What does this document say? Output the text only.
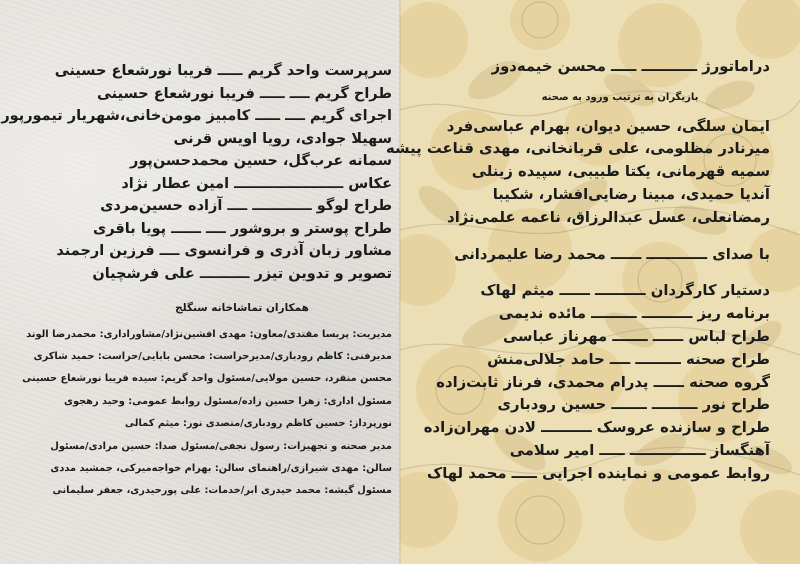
سرپرست واحد گریم ـــــ فریبا نورشعاع حسینی
طراح گریم ــــ ـــــ فریبا نورشعاع حسینی
اجرای گریم ــــ ـــــ کامبیز مومن‌خانی،شهریار تیمورپور
سهیلا جوادی، رویا اویس قرنی
سمانه عرب‌گل، حسین محمدحسن‌پور
عکاس ــــــــــــــــــــــ امین عطار نژاد
طراح لوگو ــــــــــــ ــــ آزاده حسین‌مردی
طراح پوستر و بروشور ــــ ــــــ پویا باقری
مشاور زبان آذری و فرانسوی ــــ فرزین ارجمند
تصویر و تدوین تیزر ــــــــــ علی فرشچیان
همکاران تماشاخانه سنگلج
مدیریت: پریسا مقتدی/معاون: مهدی افشین‌نژاد/مشاوراداری: محمدرضا الوند
مدیرفنی: کاظم رودباری/مدیرحراست: محسن بابایی/حراست: حمید شاکری
محسن منفرد، حسین مولایی/مسئول واحد گریم: سیده فریبا نورشعاع حسینی
مسئول اداری: زهرا حسین زاده/مسئول روابط عمومی: وحید رهجوی
نورپرداز: حسین کاظم رودباری/متصدی نور: میثم کمالی
مدیر صحنه و تجهیزات: رسول نجفی/مسئول صدا: حسین مرادی/مسئول
سالن: مهدی شیرازی/راهنمای سالن: بهرام خواجه‌میرکی، جمشید مددی
مسئول گیشه: محمد حیدری ابر/خدمات: علی پورحیدری، جعفر سلیمانی
دراماتورژ ـــــــــــ ـــــ محسن خیمه‌دوز
بازیگران به ترتیب ورود به صحنه
ایمان سلگی، حسین دیوان، بهرام عباسی‌فرد
میرنادر مظلومی، علی قربانخانی، مهدی قناعت پیشه
سمیه قهرمانی، یکتا طبیبی، سپیده زینلی
آندیا حمیدی، مبینا رضایی‌افشار، شکیبا
رمضانعلی، عسل عبدالرزاق، ناعمه علمی‌نژاد
با صدای ــــــــــــ ــــــ محمد رضا علیمردانی
دستیار کارگردان ــــــــــ ــــــ میثم لهاک
برنامه ریز ــــــــــ ـــــــــ مائده ندیمی
طراح لباس ــــــ ـــــــ مهرناز عباسی
طراح صحنه ـــــــــ ــــ حامد جلالی‌منش
گروه صحنه ــــــ پدرام محمدی، فرناز ثابت‌زاده
طراح نور ـــــــــ ـــــــ حسین رودباری
طراح و سازنده عروسک ــــــــــ لادن مهران‌زاده
آهنگساز ـــــــــــــــ ـــــ امیر سلامی
روابط عمومی و نماینده اجرایی ـــــ محمد لهاک
